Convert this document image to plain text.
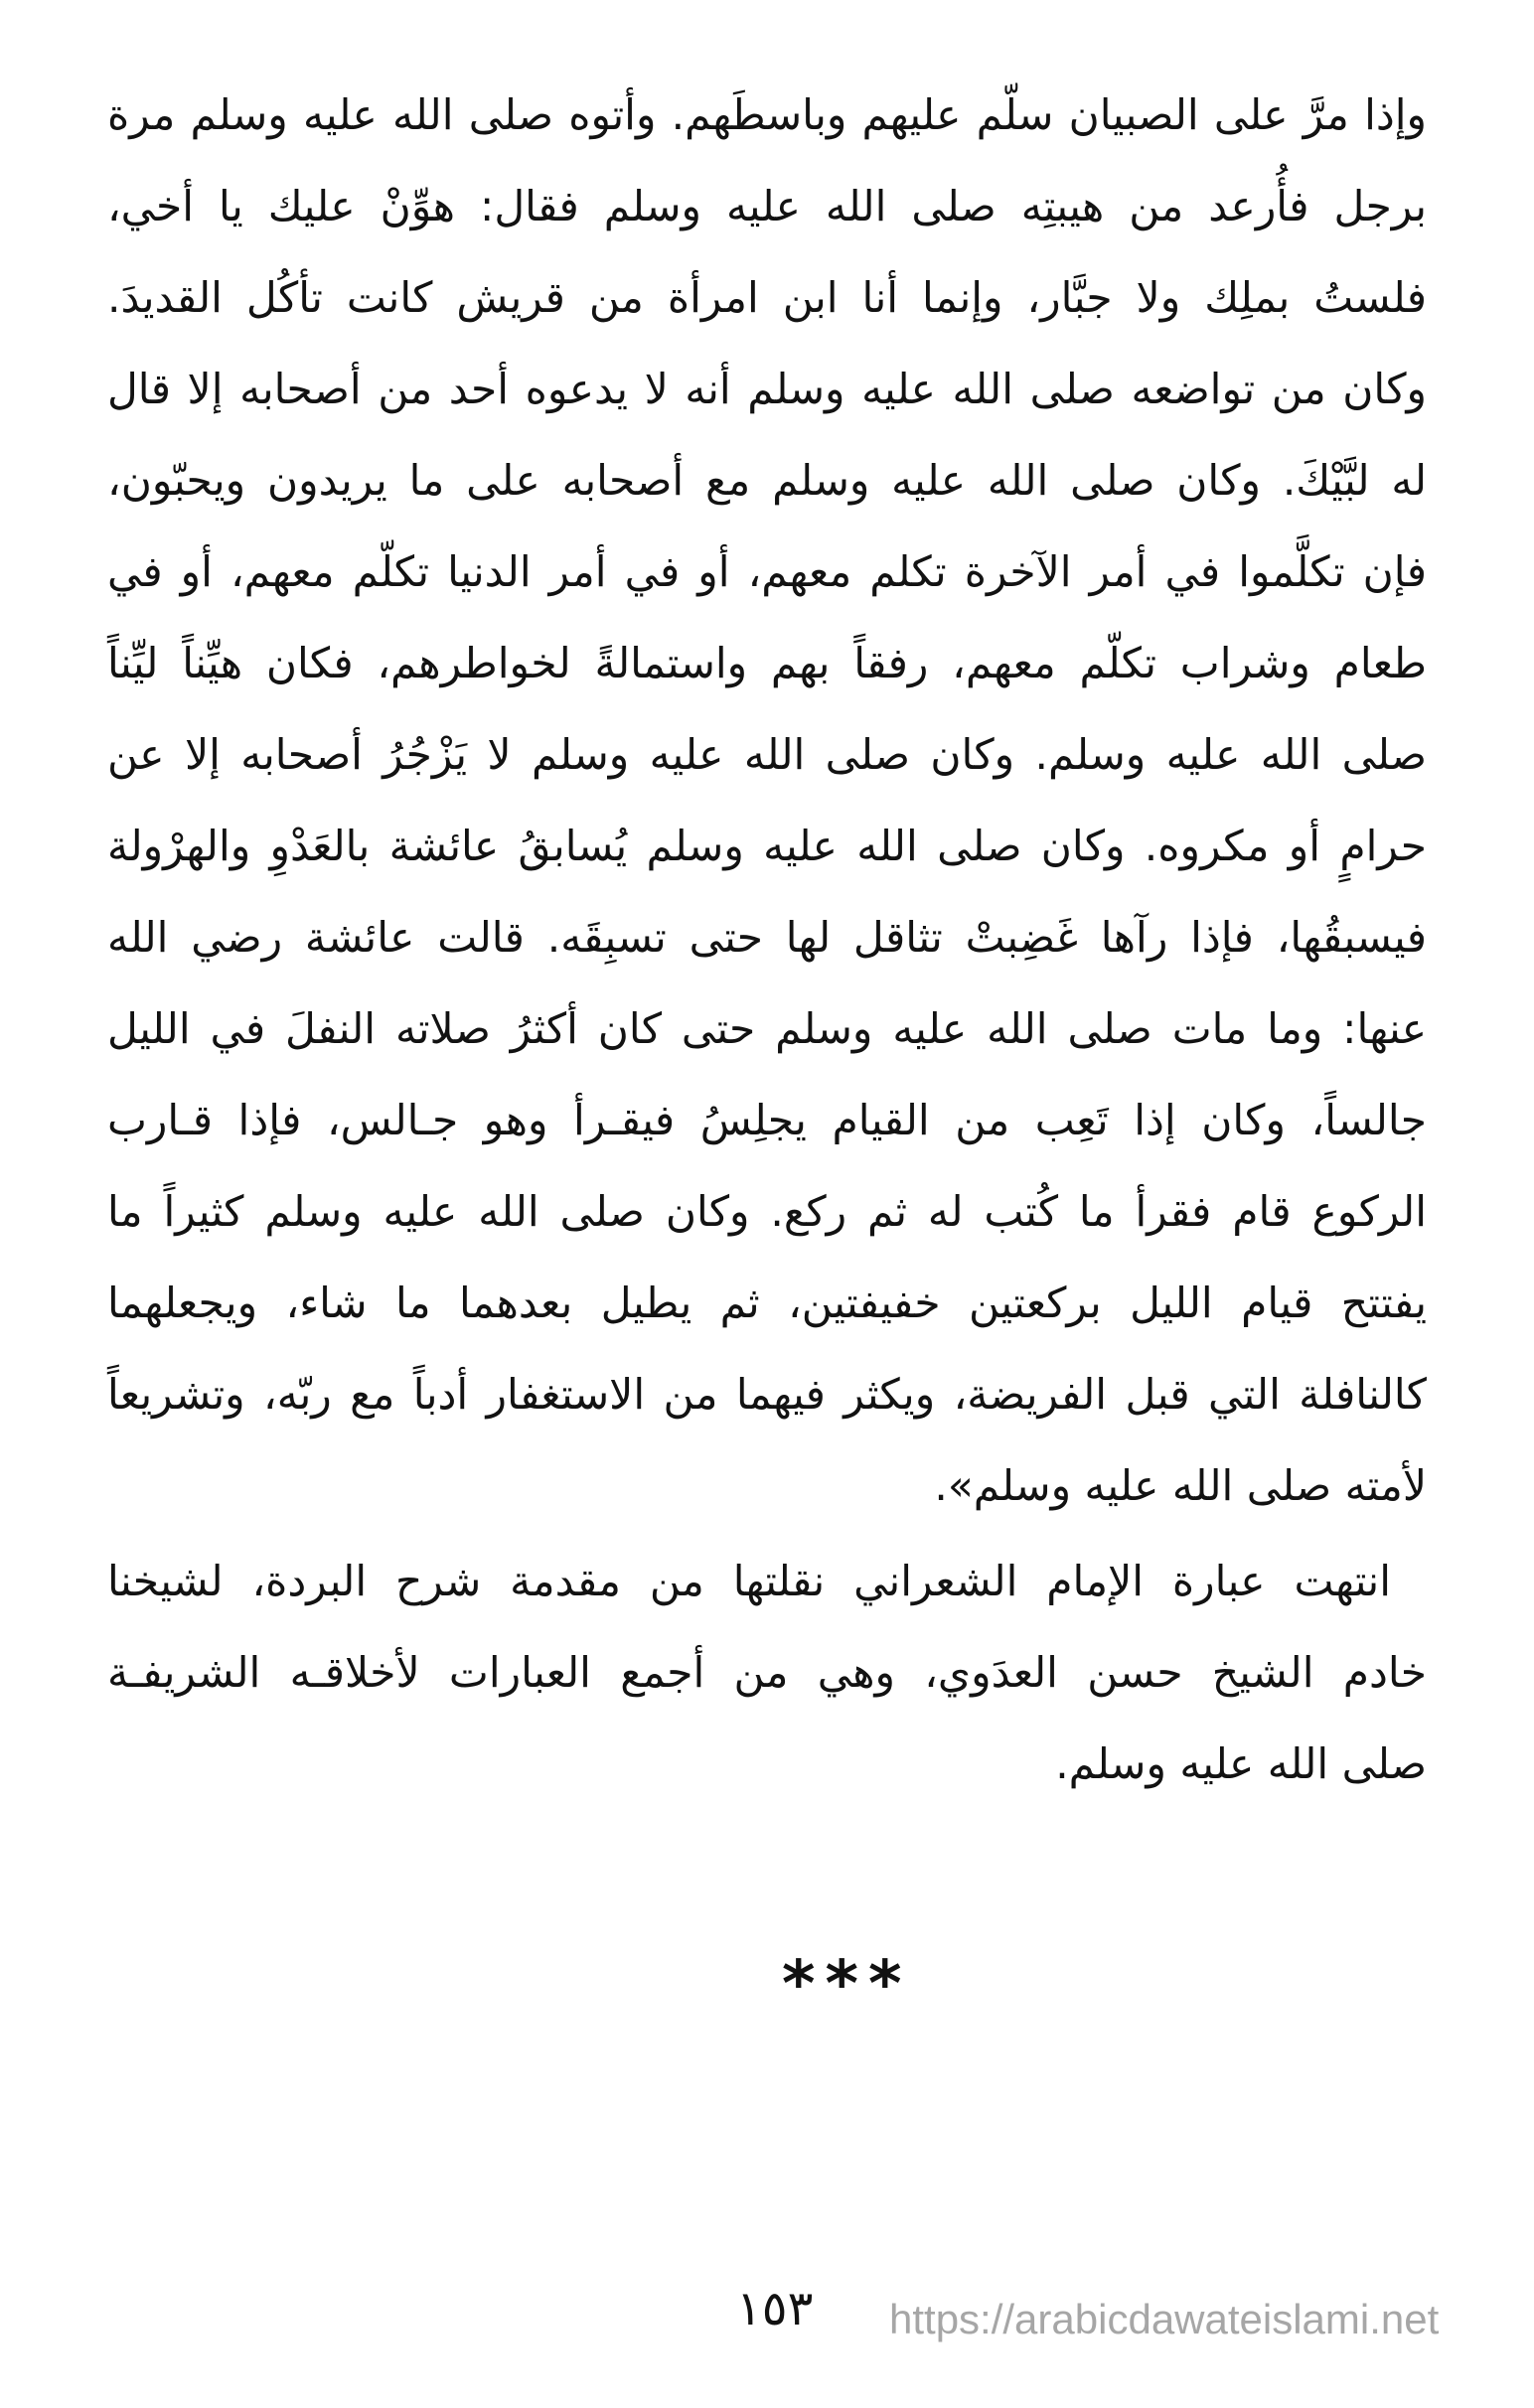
وإذا مرَّ على الصبيان سلّم عليهم وباسطَهم. وأتوه صلى الله عليه وسلم مرة
برجل فأُرعد من هيبتِه صلى الله عليه وسلم فقال: هوِّنْ عليك يا أخي،
فلستُ بملِك ولا جبَّار، وإنما أنا ابن امرأة من قريش كانت تأكُل القديدَ.
وكان من تواضعه صلى الله عليه وسلم أنه لا يدعوه أحد من أصحابه إلا قال
له لبَّيْكَ. وكان صلى الله عليه وسلم مع أصحابه على ما يريدون ويحبّون،
فإن تكلَّموا في أمر الآخرة تكلم معهم، أو في أمر الدنيا تكلّم معهم، أو في
طعام وشراب تكلّم معهم، رفقاً بهم واستمالةً لخواطرهم، فكان هيِّناً ليِّناً
صلى الله عليه وسلم. وكان صلى الله عليه وسلم لا يَزْجُرُ أصحابه إلا عن
حرامٍ أو مكروه. وكان صلى الله عليه وسلم يُسابقُ عائشة بالعَدْوِ والهرْولة
فيسبقُها، فإذا رآها غَضِبتْ تثاقل لها حتى تسبِقَه. قالت عائشة رضي الله
عنها: وما مات صلى الله عليه وسلم حتى كان أكثرُ صلاته النفلَ في الليل
جالساً، وكان إذا تَعِب من القيام يجلِسُ فيقـرأ وهو جـالس، فإذا قـارب
الركوع قام فقرأ ما كُتب له ثم ركع. وكان صلى الله عليه وسلم كثيراً ما
يفتتح قيام الليل بركعتين خفيفتين، ثم يطيل بعدهما ما شاء، ويجعلهما
كالنافلة التي قبل الفريضة، ويكثر فيهما من الاستغفار أدباً مع ربّه، وتشريعاً
لأمته صلى الله عليه وسلم».
انتهت عبارة الإمام الشعراني نقلتها من مقدمة شرح البردة، لشيخنا
خادم الشيخ حسن العدَوي، وهي من أجمع العبارات لأخلاقـه الشريفـة
صلى الله عليه وسلم.
***
١٥٣ https://arabicdawateislami.net
